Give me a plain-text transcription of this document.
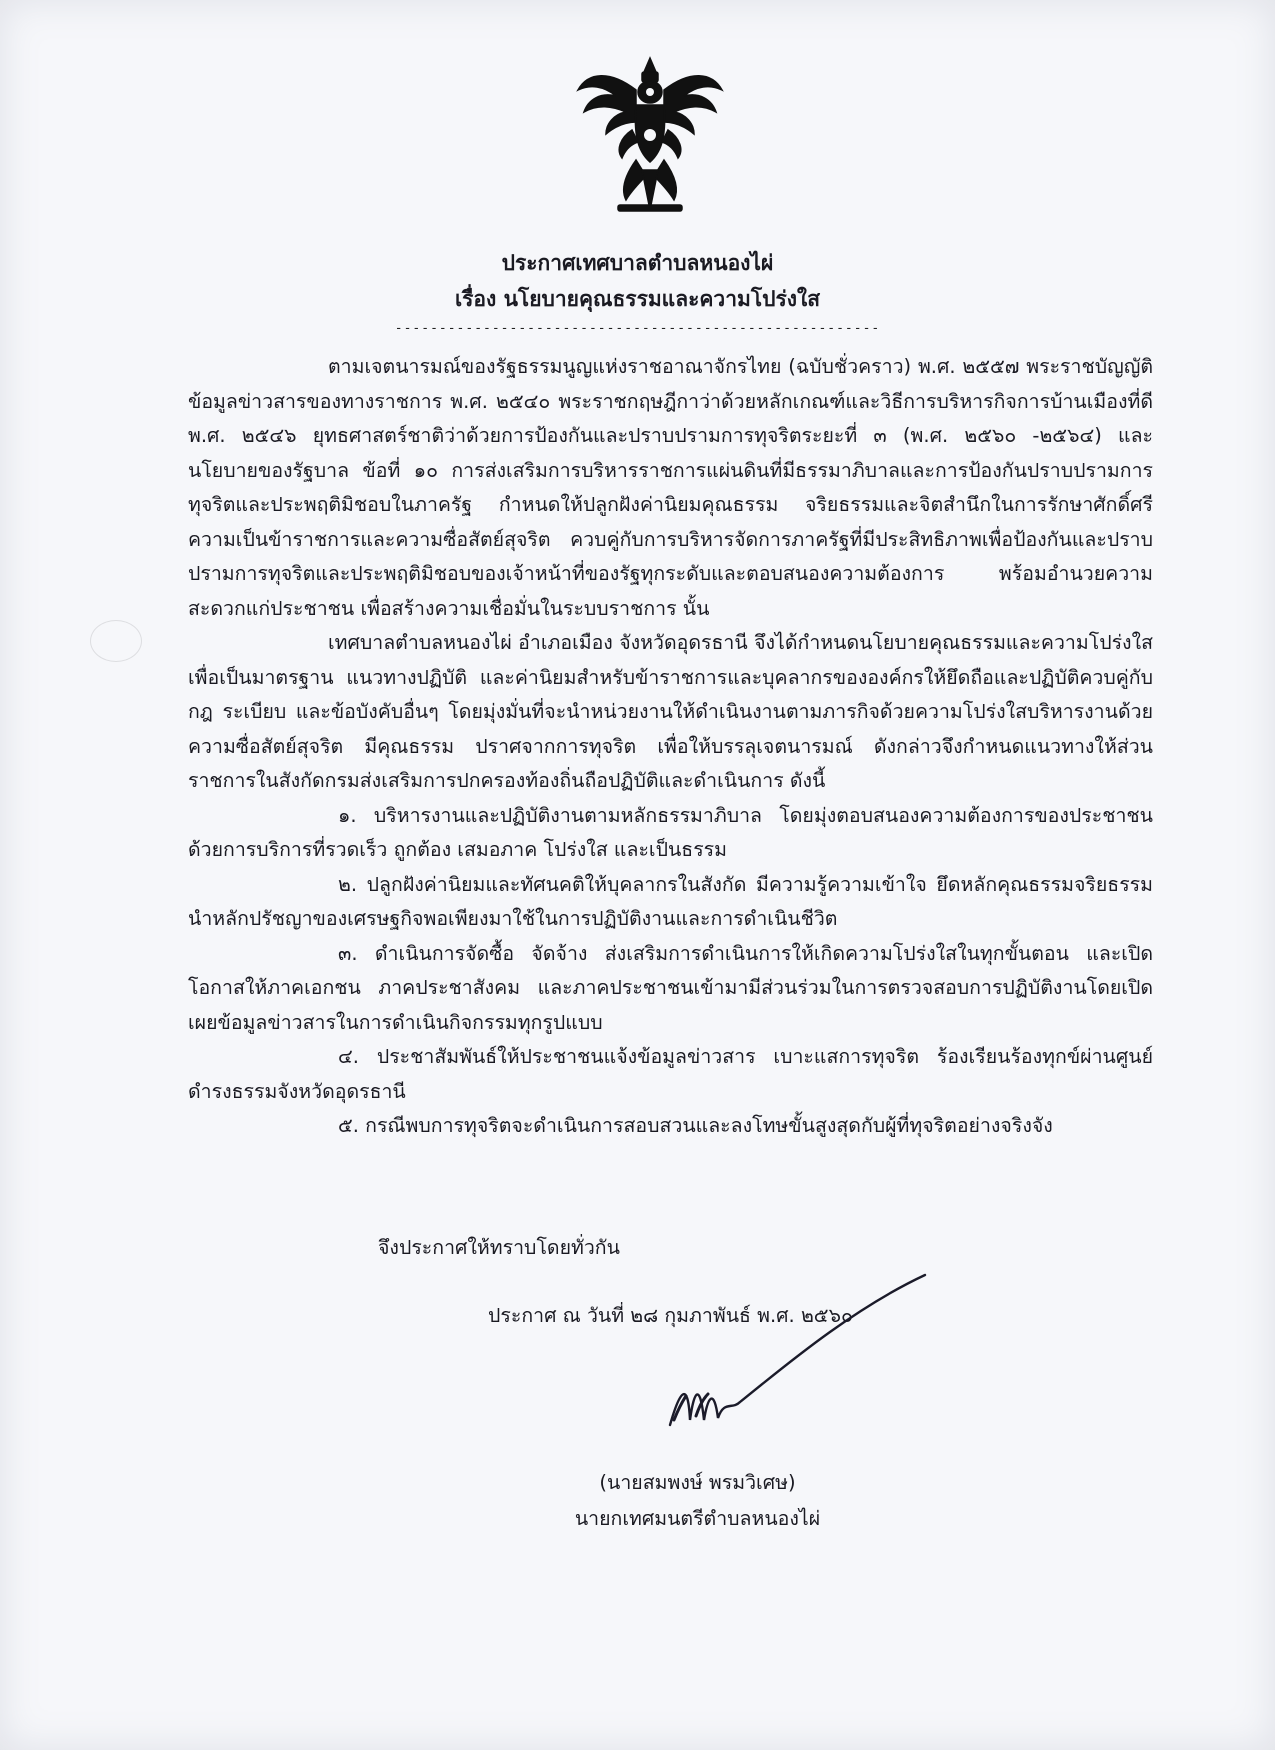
ประกาศเทศบาลตำบลหนองไผ่

เรื่อง นโยบายคุณธรรมและความโปร่งใส

-------------------------------------------------------

ตามเจตนารมณ์ของรัฐธรรมนูญแห่งราชอาณาจักรไทย (ฉบับชั่วคราว) พ.ศ. ๒๕๕๗ พระราชบัญญัติข้อมูลข่าวสารของทางราชการ พ.ศ. ๒๕๔๐ พระราชกฤษฎีกาว่าด้วยหลักเกณฑ์และวิธีการบริหารกิจการบ้านเมืองที่ดี พ.ศ. ๒๕๔๖ ยุทธศาสตร์ชาติว่าด้วยการป้องกันและปราบปรามการทุจริตระยะที่ ๓ (พ.ศ. ๒๕๖๐ -๒๕๖๔) และนโยบายของรัฐบาล ข้อที่ ๑๐ การส่งเสริมการบริหารราชการแผ่นดินที่มีธรรมาภิบาลและการป้องกันปราบปรามการทุจริตและประพฤติมิชอบในภาครัฐ กำหนดให้ปลูกฝังค่านิยมคุณธรรม จริยธรรมและจิตสำนึกในการรักษาศักดิ์ศรีความเป็นข้าราชการและความซื่อสัตย์สุจริต ควบคู่กับการบริหารจัดการภาครัฐที่มีประสิทธิภาพเพื่อป้องกันและปราบปรามการทุจริตและประพฤติมิชอบของเจ้าหน้าที่ของรัฐทุกระดับและตอบสนองความต้องการ พร้อมอำนวยความสะดวกแก่ประชาชน เพื่อสร้างความเชื่อมั่นในระบบราชการ นั้น

เทศบาลตำบลหนองไผ่ อำเภอเมือง จังหวัดอุดรธานี จึงได้กำหนดนโยบายคุณธรรมและความโปร่งใสเพื่อเป็นมาตรฐาน แนวทางปฏิบัติ และค่านิยมสำหรับข้าราชการและบุคลากรขององค์กรให้ยึดถือและปฏิบัติควบคู่กับกฎ ระเบียบ และข้อบังคับอื่นๆ โดยมุ่งมั่นที่จะนำหน่วยงานให้ดำเนินงานตามภารกิจด้วยความโปร่งใสบริหารงานด้วยความซื่อสัตย์สุจริต มีคุณธรรม ปราศจากการทุจริต เพื่อให้บรรลุเจตนารมณ์ ดังกล่าวจึงกำหนดแนวทางให้ส่วนราชการในสังกัดกรมส่งเสริมการปกครองท้องถิ่นถือปฏิบัติและดำเนินการ ดังนี้

๑. บริหารงานและปฏิบัติงานตามหลักธรรมาภิบาล โดยมุ่งตอบสนองความต้องการของประชาชนด้วยการบริการที่รวดเร็ว ถูกต้อง เสมอภาค โปร่งใส และเป็นธรรม

๒. ปลูกฝังค่านิยมและทัศนคติให้บุคลากรในสังกัด มีความรู้ความเข้าใจ ยึดหลักคุณธรรมจริยธรรม นำหลักปรัชญาของเศรษฐกิจพอเพียงมาใช้ในการปฏิบัติงานและการดำเนินชีวิต

๓. ดำเนินการจัดซื้อ จัดจ้าง ส่งเสริมการดำเนินการให้เกิดความโปร่งใสในทุกขั้นตอน และเปิดโอกาสให้ภาคเอกชน ภาคประชาสังคม และภาคประชาชนเข้ามามีส่วนร่วมในการตรวจสอบการปฏิบัติงานโดยเปิดเผยข้อมูลข่าวสารในการดำเนินกิจกรรมทุกรูปแบบ

๔. ประชาสัมพันธ์ให้ประชาชนแจ้งข้อมูลข่าวสาร เบาะแสการทุจริต ร้องเรียนร้องทุกข์ผ่านศูนย์ดำรงธรรมจังหวัดอุดรธานี

๕. กรณีพบการทุจริตจะดำเนินการสอบสวนและลงโทษขั้นสูงสุดกับผู้ที่ทุจริตอย่างจริงจัง

จึงประกาศให้ทราบโดยทั่วกัน

ประกาศ ณ วันที่ ๒๘ กุมภาพันธ์ พ.ศ. ๒๕๖๐

(นายสมพงษ์ พรมวิเศษ)

นายกเทศมนตรีตำบลหนองไผ่
